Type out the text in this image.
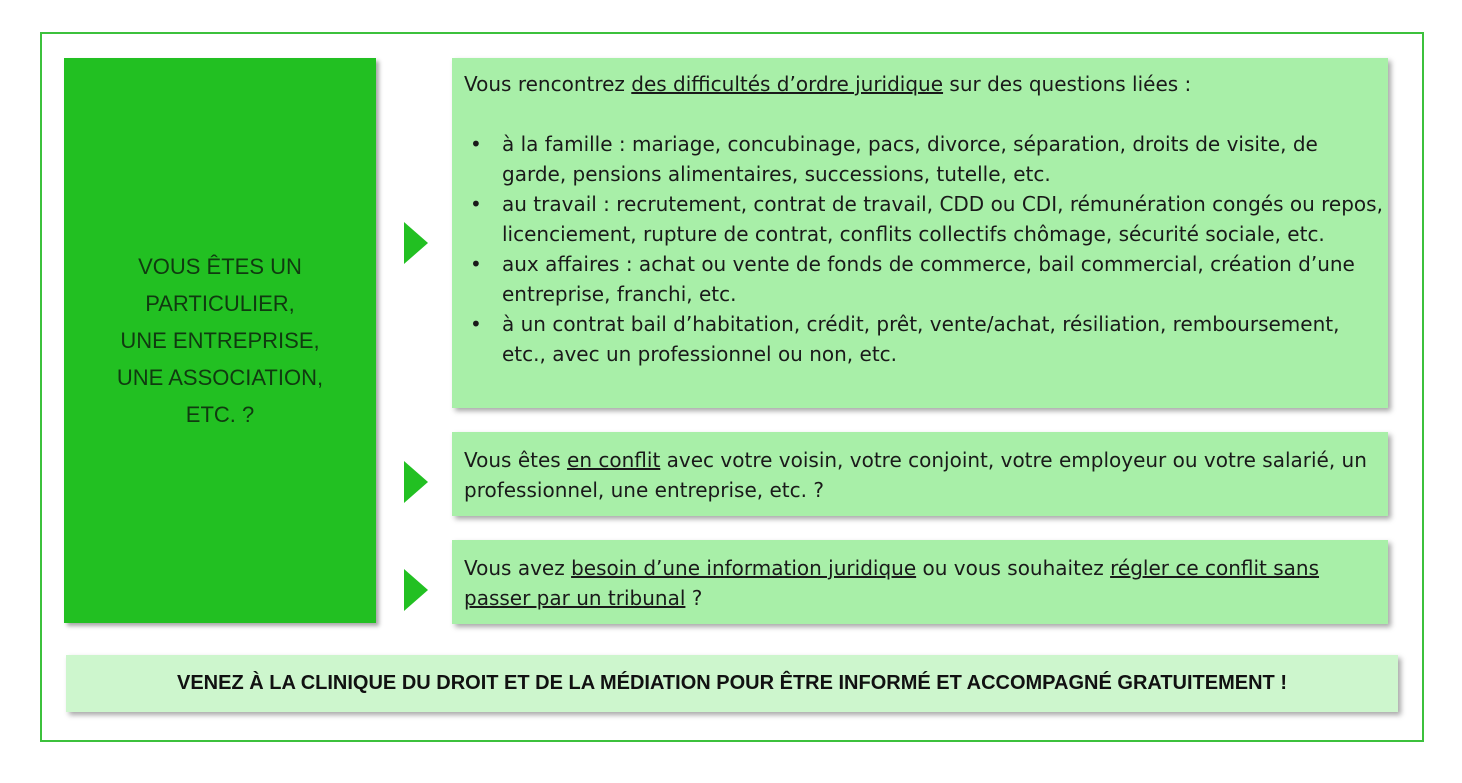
VOUS ÊTES UN
PARTICULIER,
UNE ENTREPRISE,
UNE ASSOCIATION,
ETC. ?
Vous rencontrez des difficultés d’ordre juridique sur des questions liées :
• à la famille : mariage, concubinage, pacs, divorce, séparation, droits de visite, de garde, pensions alimentaires, successions, tutelle, etc.
• au travail : recrutement, contrat de travail, CDD ou CDI, rémunération congés ou repos, licenciement, rupture de contrat, conflits collectifs chômage, sécurité sociale, etc.
• aux affaires : achat ou vente de fonds de commerce, bail commercial, création d’une entreprise, franchi, etc.
• à un contrat bail d’habitation, crédit, prêt, vente/achat, résiliation, remboursement, etc., avec un professionnel ou non, etc.
Vous êtes en conflit avec votre voisin, votre conjoint, votre employeur ou votre salarié, un professionnel, une entreprise, etc. ?
Vous avez besoin d’une information juridique ou vous souhaitez régler ce conflit sans passer par un tribunal ?
VENEZ À LA CLINIQUE DU DROIT ET DE LA MÉDIATION POUR ÊTRE INFORMÉ ET ACCOMPAGNÉ GRATUITEMENT !
